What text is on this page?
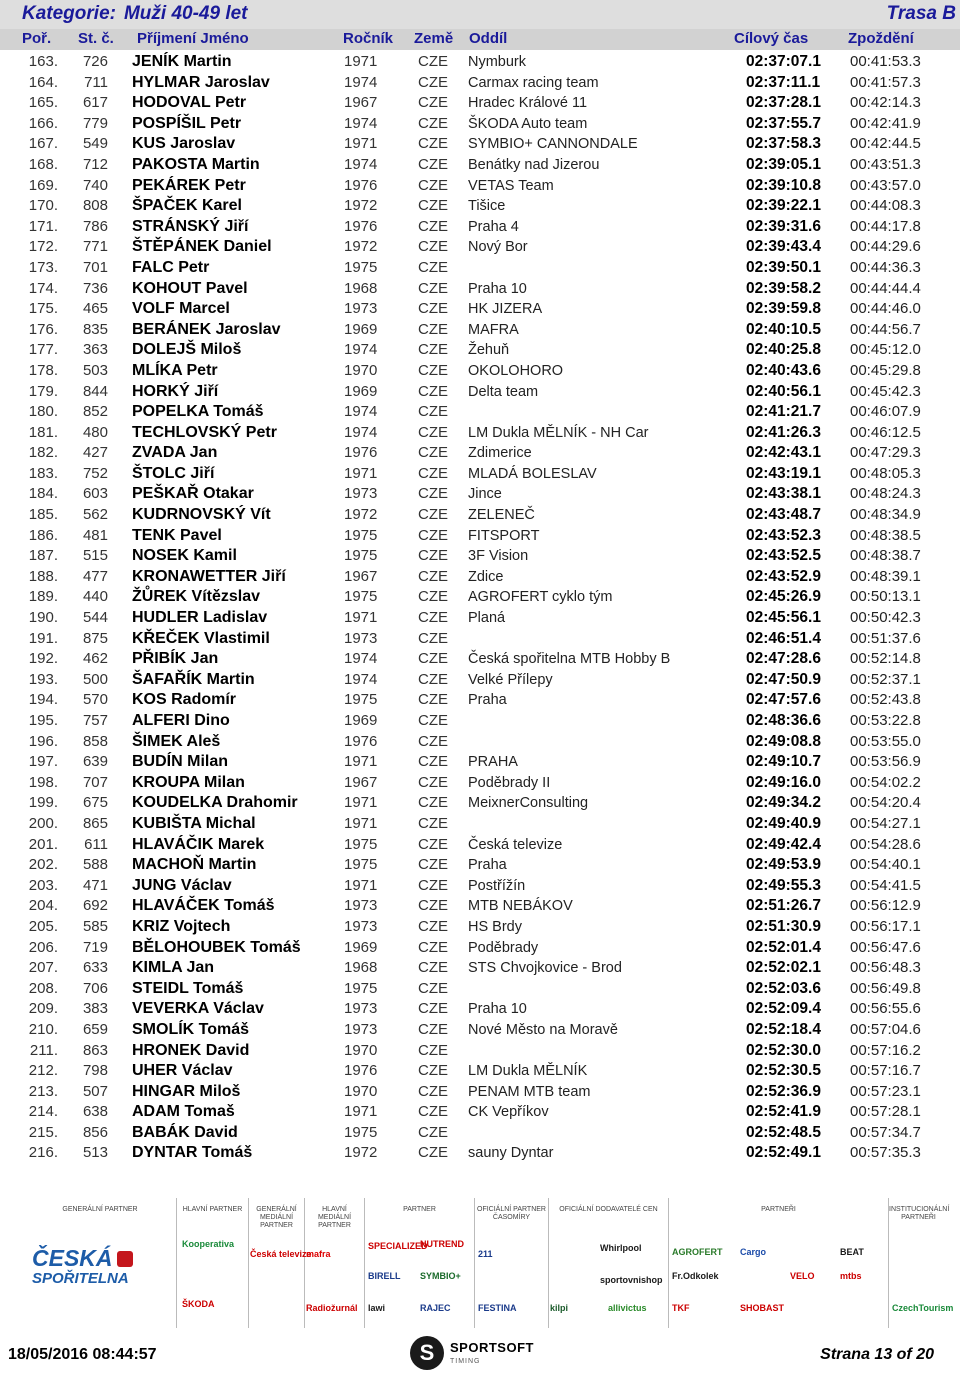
Kategorie: Muži 40-49 let	Trasa B
Poř. St. č. Příjmení Jméno	Ročník Země Oddíl	Cílový čas	Zpoždění
163.	726 JENÍK Martin	1971	CZE Nymburk	02:37:07.1 00:41:53.3
164.	711 HYLMAR Jaroslav	1974	CZE Carmax racing team	02:37:11.1 00:41:57.3
165.	617 HODOVAL Petr	1967	CZE Hradec Králové 11	02:37:28.1 00:42:14.3
166.	779 POSPÍŠIL Petr	1974	CZE ŠKODA Auto team	02:37:55.7 00:42:41.9
167.	549 KUS Jaroslav	1971	CZE SYMBIO+ CANNONDALE	02:37:58.3 00:42:44.5
168.	712 PAKOSTA Martin	1974	CZE Benátky nad Jizerou	02:39:05.1 00:43:51.3
169.	740 PEKÁREK Petr	1976	CZE VETAS Team	02:39:10.8 00:43:57.0
170.	808 ŠPAČEK Karel	1972	CZE Tišice	02:39:22.1 00:44:08.3
171.	786 STRÁNSKÝ Jiří	1976	CZE Praha 4	02:39:31.6 00:44:17.8
172.	771 ŠTĚPÁNEK Daniel	1972	CZE Nový Bor	02:39:43.4 00:44:29.6
173.	701 FALC Petr	1975	CZE	02:39:50.1 00:44:36.3
174.	736 KOHOUT Pavel	1968	CZE Praha 10	02:39:58.2 00:44:44.4
175.	465 VOLF Marcel	1973	CZE HK JIZERA	02:39:59.8 00:44:46.0
176.	835 BERÁNEK Jaroslav	1969	CZE MAFRA	02:40:10.5 00:44:56.7
177.	363 DOLEJŠ Miloš	1974	CZE Žehuň	02:40:25.8 00:45:12.0
178.	503 MLÍKA Petr	1970	CZE OKOLOHORO	02:40:43.6 00:45:29.8
179.	844 HORKÝ Jiří	1969	CZE Delta team	02:40:56.1 00:45:42.3
180.	852 POPELKA Tomáš	1974	CZE	02:41:21.7 00:46:07.9
181.	480 TECHLOVSKÝ Petr	1974	CZE LM Dukla MĚLNÍK - NH Car	02:41:26.3 00:46:12.5
182.	427 ZVADA Jan	1976	CZE Zdimerice	02:42:43.1 00:47:29.3
183.	752 ŠTOLC Jiří	1971	CZE MLADÁ BOLESLAV	02:43:19.1 00:48:05.3
184.	603 PEŠKAŘ Otakar	1973	CZE Jince	02:43:38.1 00:48:24.3
185.	562 KUDRNOVSKÝ Vít	1972	CZE ZELENEČ	02:43:48.7 00:48:34.9
186.	481 TENK Pavel	1975	CZE FITSPORT	02:43:52.3 00:48:38.5
187.	515 NOSEK Kamil	1975	CZE 3F Vision	02:43:52.5 00:48:38.7
188.	477 KRONAWETTER Jiří	1967	CZE Zdice	02:43:52.9 00:48:39.1
189.	440 ŽŮREK Vítězslav	1975	CZE AGROFERT cyklo tým	02:45:26.9 00:50:13.1
190.	544 HUDLER Ladislav	1971	CZE Planá	02:45:56.1 00:50:42.3
191.	875 KŘEČEK Vlastimil	1973	CZE	02:46:51.4 00:51:37.6
192.	462 PŘIBÍK Jan	1974	CZE Česká spořitelna MTB Hobby B	02:47:28.6 00:52:14.8
193.	500 ŠAFAŘÍK Martin	1974	CZE Velké Přílepy	02:47:50.9 00:52:37.1
194.	570 KOS Radomír	1975	CZE Praha	02:47:57.6 00:52:43.8
195.	757 ALFERI Dino	1969	CZE	02:48:36.6 00:53:22.8
196.	858 ŠIMEK Aleš	1976	CZE	02:49:08.8 00:53:55.0
197.	639 BUDÍN Milan	1971	CZE PRAHA	02:49:10.7 00:53:56.9
198.	707 KROUPA Milan	1967	CZE Poděbrady II	02:49:16.0 00:54:02.2
199.	675 KOUDELKA Drahomir	1971	CZE MeixnerConsulting	02:49:34.2 00:54:20.4
200.	865 KUBIŠTA Michal	1971	CZE	02:49:40.9 00:54:27.1
201.	611 HLAVÁČIK Marek	1975	CZE Česká televize	02:49:42.4 00:54:28.6
202.	588 MACHOŇ Martin	1975	CZE Praha	02:49:53.9 00:54:40.1
203.	471 JUNG Václav	1971	CZE Postřížín	02:49:55.3 00:54:41.5
204.	692 HLAVÁČEK Tomáš	1973	CZE MTB NEBÁKOV	02:51:26.7 00:56:12.9
205.	585 KRIZ Vojtech	1973	CZE HS Brdy	02:51:30.9 00:56:17.1
206.	719 BĚLOHOUBEK Tomáš	1969	CZE Poděbrady	02:52:01.4 00:56:47.6
207.	633 KIMLA Jan	1968	CZE STS Chvojkovice - Brod	02:52:02.1 00:56:48.3
208.	706 STEIDL Tomáš	1975	CZE	02:52:03.6 00:56:49.8
209.	383 VEVERKA Václav	1973	CZE Praha 10	02:52:09.4 00:56:55.6
210.	659 SMOLÍK Tomáš	1973	CZE Nové Město na Moravě	02:52:18.4 00:57:04.6
211.	863 HRONEK David	1970	CZE	02:52:30.0 00:57:16.2
212.	798 UHER Václav	1976	CZE LM Dukla MĚLNÍK	02:52:30.5 00:57:16.7
213.	507 HINGAR Miloš	1970	CZE PENAM MTB team	02:52:36.9 00:57:23.1
214.	638 ADAM Tomaš	1971	CZE CK Vepříkov	02:52:41.9 00:57:28.1
215.	856 BABÁK David	1975	CZE	02:52:48.5 00:57:34.7
216.	513 DYNTAR Tomáš	1972	CZE sauny Dyntar	02:52:49.1 00:57:35.3
GENERÁLNÍ PARTNER
ČESKÁ
SPOŘITELNA
HLAVNÍ PARTNER	GENERÁLNÍ MEDIÁLNÍ PARTNER
HLAVNÍ MEDIÁLNÍ PARTNER
PARTNER	OFICIÁLNÍ PARTNER ČASOMÍRY
OFICIÁLNÍ DODAVATELÉ CEN	PARTNEŘI	INSTITUCIONÁLNÍ PARTNEŘI
Kooperativa
ŠKODA
Česká televize
mafra
Radiožurnál
SPECIALIZED
BIRELL SYMBIO+
lawi
NUTREND
RAJEC
211
FESTINA	kilpi
Whirlpool
sportovnishop
allivictus
AGROFERT
Fr.Odkolek
TKF
Cargo
VELO
SHOBAST
BEAT
mtbs
CzechTourism
18/05/2016 08:44:57	S	SPORTSOFT
TIMING	Strana 13 of 20
